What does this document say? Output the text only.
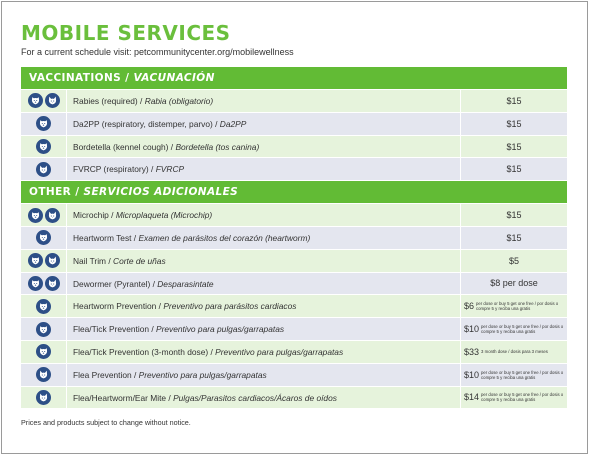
MOBILE SERVICES
For a current schedule visit: petcommunitycenter.org/mobilewellness
VACCINATIONS / VACUNACIÓN
Rabies (required) / Rabia (obligatorio)	$15
Da2PP (respiratory, distemper, parvo) / Da2PP	$15
Bordetella (kennel cough) / Bordetella (tos canina)	$15
FVRCP (respiratory) / FVRCP	$15
OTHER / SERVICIOS ADICIONALES
Microchip / Microplaqueta (Microchip)	$15
Heartworm Test / Examen de parásitos del corazón (heartworm)	$15
Nail Trim / Corte de uñas	$5
Dewormer (Pyrantel) / Desparasintate	$8 per dose
Heartworm Prevention / Preventivo para parásitos cardiacos	$6 per dose or buy 5 get one free / por dosis o compre 5 y reciba una gratis
Flea/Tick Prevention / Preventivo para pulgas/garrapatas	$10 per dose or buy 5 get one free / por dosis o compre 5 y reciba una gratis
Flea/Tick Prevention (3-month dose) / Preventivo para pulgas/garrapatas	$33 3 month dose / dosis para 3 meses
Flea Prevention / Preventivo para pulgas/garrapatas	$10 per dose or buy 5 get one free / por dosis o compre 5 y reciba una gratis
Flea/Heartworm/Ear Mite / Pulgas/Parasitos cardiacos/Ácaros de oídos	$14 per dose or buy 5 get one free / por dosis o compre 5 y reciba una gratis
Prices and products subject to change without notice.
